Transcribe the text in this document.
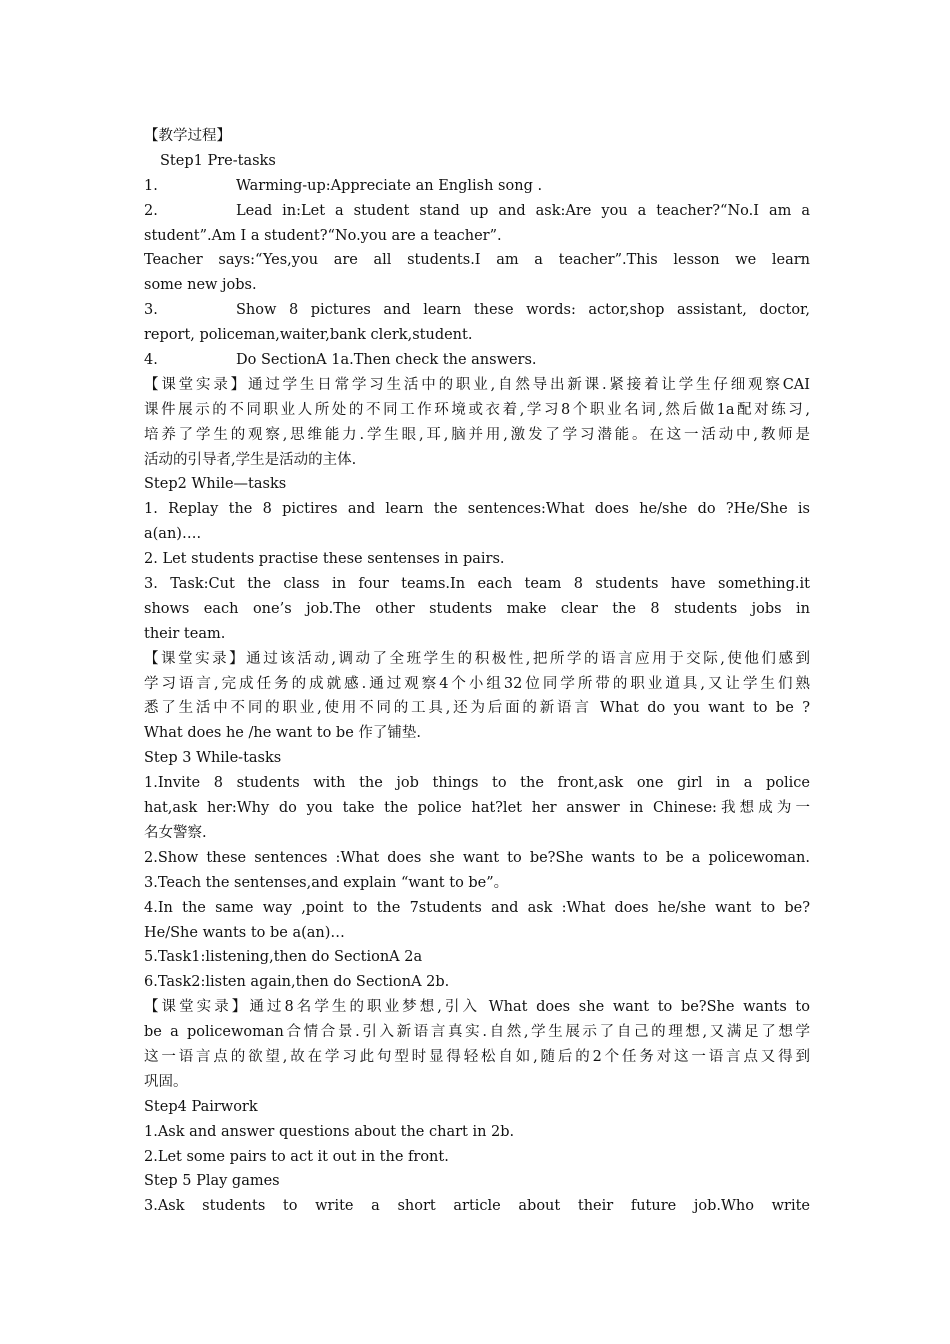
【教学过程】
Step1 Pre-tasks
1.	Warming-up:Appreciate an English song .
2.	Lead in:Let a student stand up and ask:Are you a teacher?“No.I am a
student”.Am I a student?“No.you are a teacher”.
Teacher says:“Yes,you are all students.I am a teacher”.This lesson we learn
some new jobs.
3.	Show 8 pictures and learn these words: actor,shop assistant, doctor,
report, policeman,waiter,bank clerk,student.
4.	Do SectionA 1a.Then check the answers.
【课堂实录】通过学生日常学习生活中的职业,自然导出新课.紧接着让学生仔细观察CAI
课件展示的不同职业人所处的不同工作环境或衣着,学习8个职业名词,然后做1a配对练习,
培养了学生的观察,思维能力.学生眼,耳,脑并用,激发了学习潜能。在这一活动中,教师是
活动的引导者,学生是活动的主体.
Step2 While—tasks
1. Replay the 8 pictires and learn the sentences:What does he/she do ?He/She is
a(an)….
2. Let students practise these sentenses in pairs.
3. Task:Cut the class in four teams.In each team 8 students have something.it
shows each one’s job.The other students make clear the 8 students jobs in
their team.
【课堂实录】通过该活动,调动了全班学生的积极性,把所学的语言应用于交际,使他们感到
学习语言,完成任务的成就感.通过观察4个小组32位同学所带的职业道具,又让学生们熟
悉了生活中不同的职业,使用不同的工具,还为后面的新语言 What do you want to be ?
What does he /he want to be 作了铺垫.
Step 3 While-tasks
1.Invite 8 students with the job things to the front,ask one girl in a police
hat,ask her:Why do you take the police hat?let her answer in Chinese:我想成为一
名女警察.
2.Show these sentences :What does she want to be?She wants to be a policewoman.
3.Teach the sentenses,and explain “want to be”。
4.In the same way ,point to the 7students and ask :What does he/she want to be?
He/She wants to be a(an)…
5.Task1:listening,then do SectionA 2a
6.Task2:listen again,then do SectionA 2b.
【课堂实录】通过8名学生的职业梦想,引入 What does she want to be?She wants to
be a policewoman合情合景.引入新语言真实.自然,学生展示了自己的理想,又满足了想学
这一语言点的欲望,故在学习此句型时显得轻松自如,随后的2个任务对这一语言点又得到
巩固。
Step4 Pairwork
1.Ask and answer questions about the chart in 2b.
2.Let some pairs to act it out in the front.
Step 5 Play games
3.Ask students to write a short article about their future job.Who write
